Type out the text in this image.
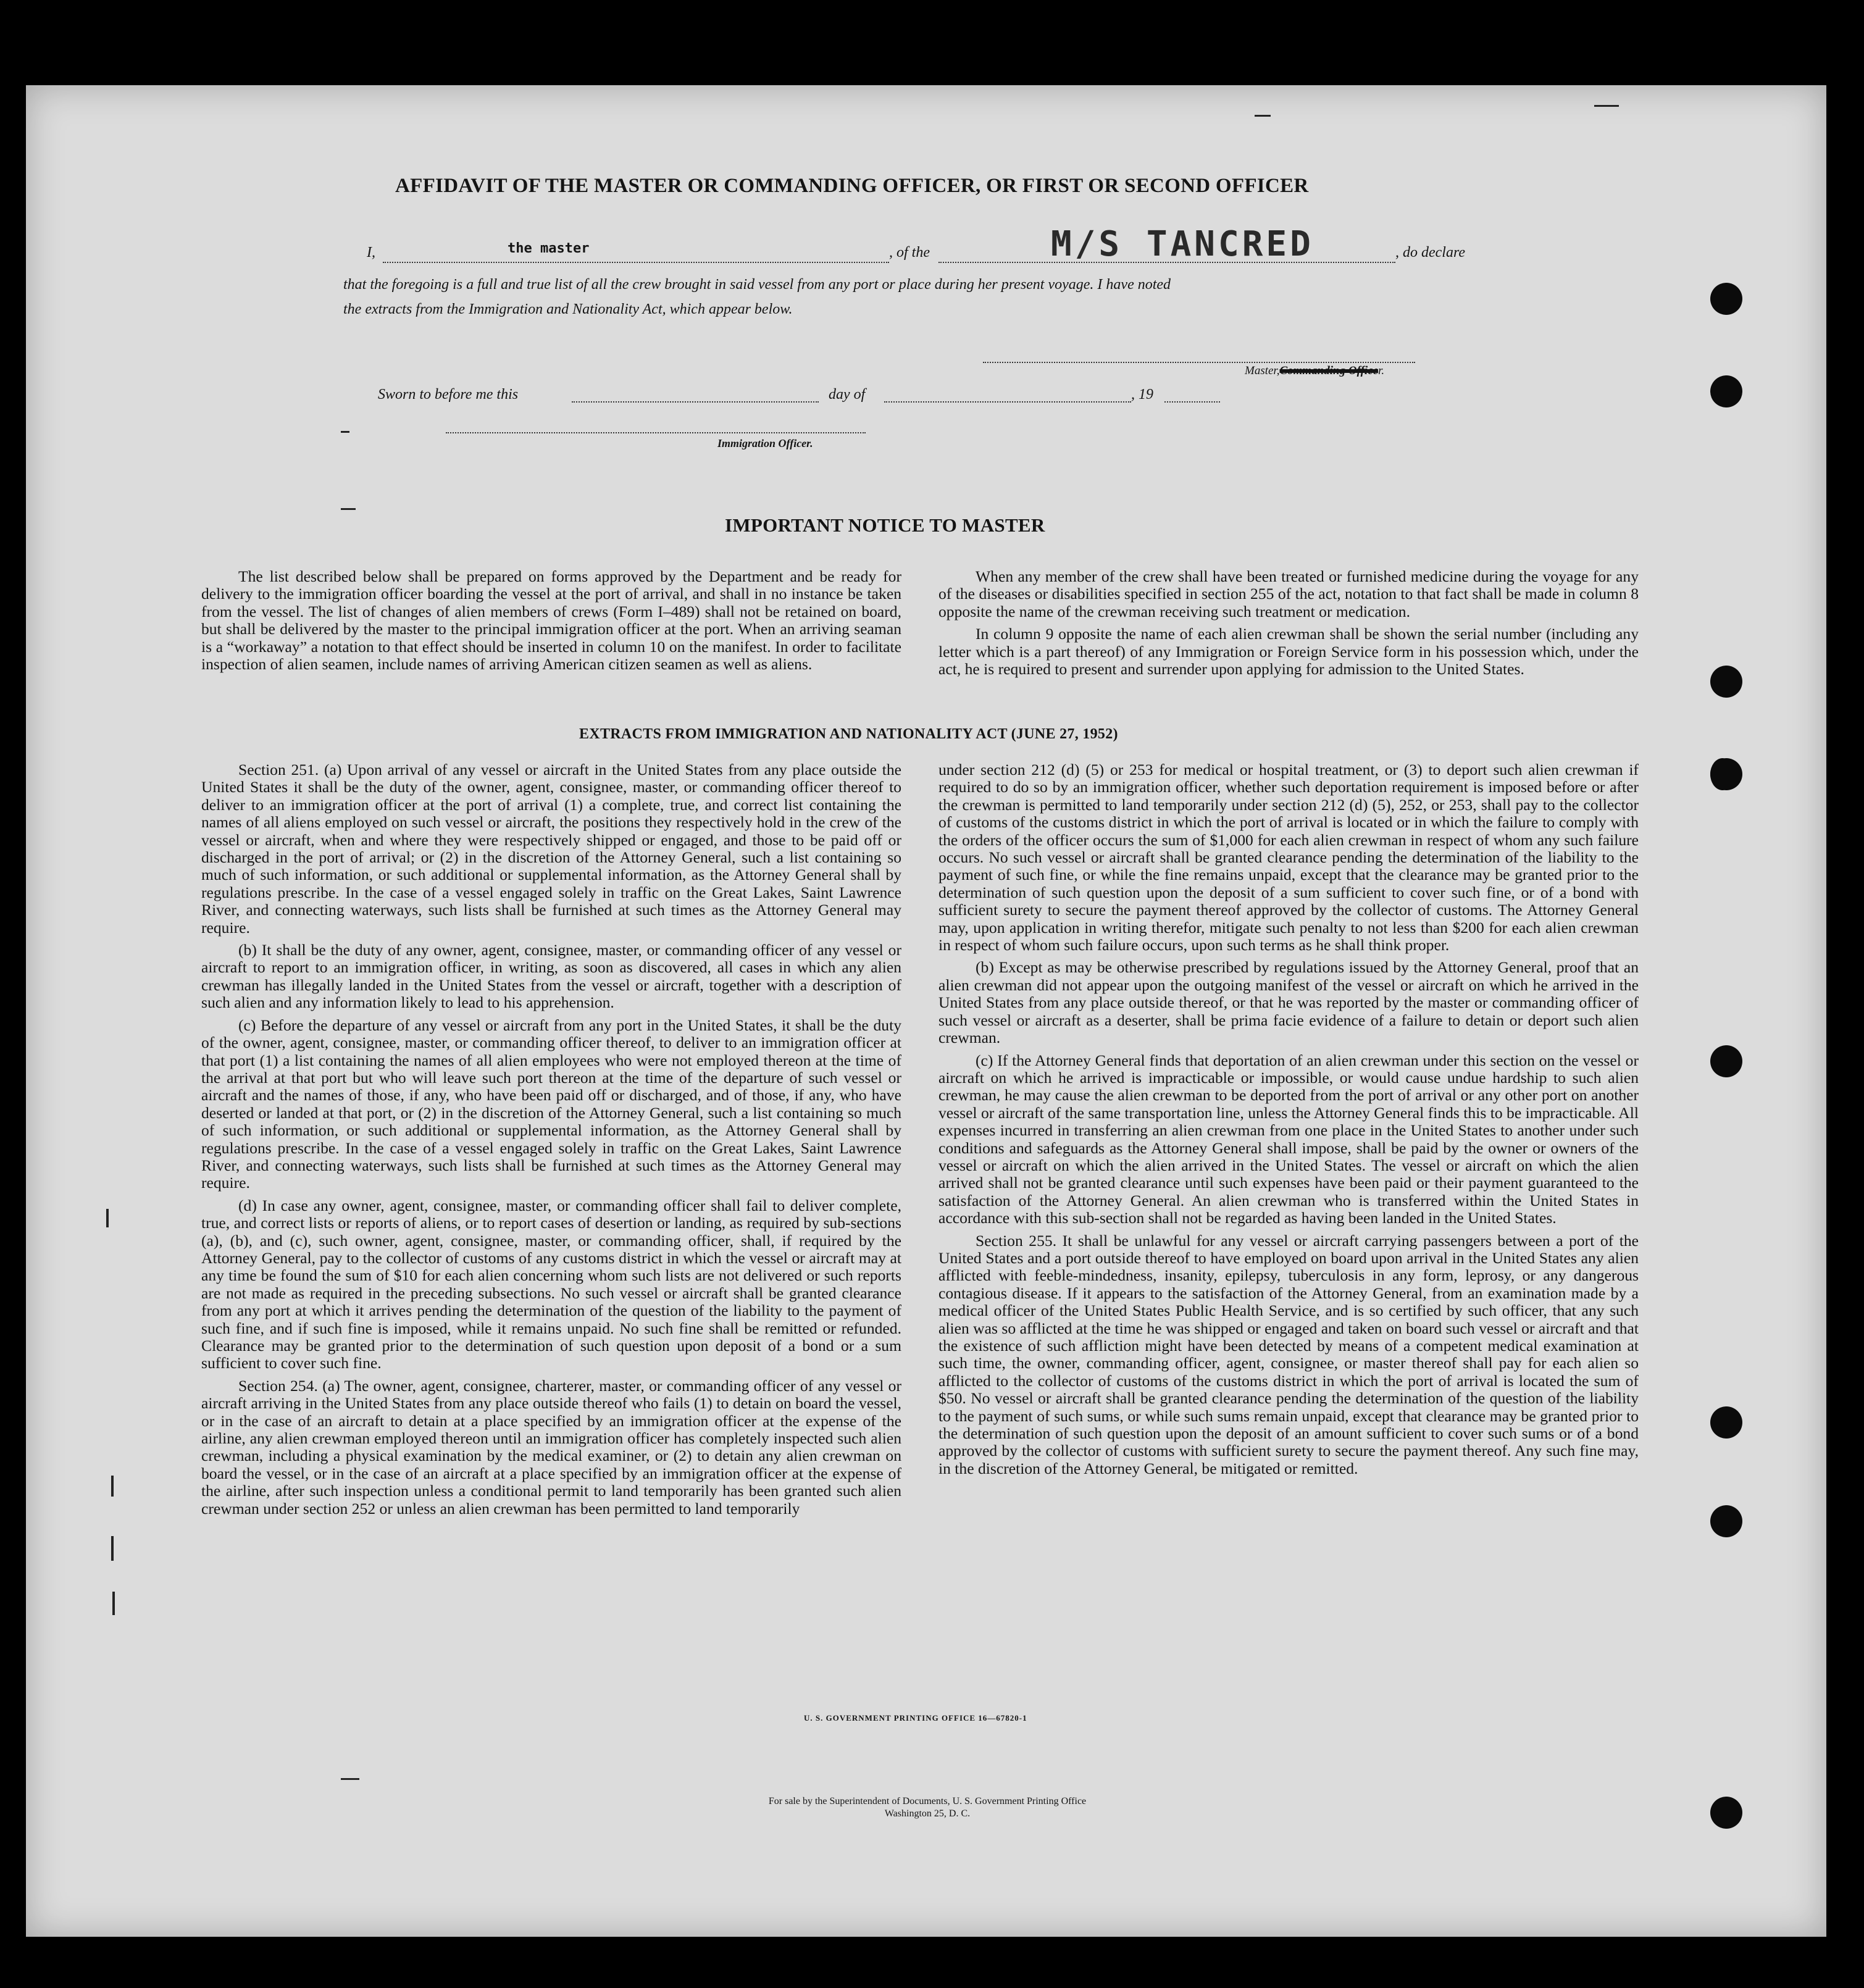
AFFIDAVIT OF THE MASTER OR COMMANDING OFFICER, OR FIRST OR SECOND OFFICER
I,	the master	, of the	M/S TANCRED	, do declare
that the foregoing is a full and true list of all the crew brought in said vessel from any port or place during her present voyage. I have noted
the extracts from the Immigration and Nationality Act, which appear below.
Master,Commanding Officer.
Sworn to before me this	day of	, 19
Immigration Officer.
IMPORTANT NOTICE TO MASTER

The list described below shall be prepared on forms approved by the Department and be ready for delivery to the immigration officer boarding the vessel at the port of arrival, and shall in no instance be taken from the vessel. The list of changes of alien members of crews (Form I–489) shall not be retained on board, but shall be delivered by the master to the principal immigration officer at the port. When an arriving seaman is a “workaway” a notation to that effect should be inserted in column 10 on the manifest. In order to facilitate inspection of alien seamen, include names of arriving American citizen seamen as well as aliens.

When any member of the crew shall have been treated or furnished medicine during the voyage for any of the diseases or disabilities specified in section 255 of the act, notation to that fact shall be made in column 8 opposite the name of the crewman receiving such treatment or medication.

In column 9 opposite the name of each alien crewman shall be shown the serial number (including any letter which is a part thereof) of any Immigration or Foreign Service form in his possession which, under the act, he is required to present and surrender upon applying for admission to the United States.

EXTRACTS FROM IMMIGRATION AND NATIONALITY ACT (JUNE 27, 1952)

Section 251. (a) Upon arrival of any vessel or aircraft in the United States from any place outside the United States it shall be the duty of the owner, agent, consignee, master, or commanding officer thereof to deliver to an immigration officer at the port of arrival (1) a complete, true, and correct list containing the names of all aliens employed on such vessel or aircraft, the positions they respectively hold in the crew of the vessel or aircraft, when and where they were respectively shipped or engaged, and those to be paid off or discharged in the port of arrival; or (2) in the discretion of the Attorney General, such a list containing so much of such information, or such additional or supplemental information, as the Attorney General shall by regulations prescribe. In the case of a vessel engaged solely in traffic on the Great Lakes, Saint Lawrence River, and connecting waterways, such lists shall be furnished at such times as the Attorney General may require.

(b) It shall be the duty of any owner, agent, consignee, master, or commanding officer of any vessel or aircraft to report to an immigration officer, in writing, as soon as discovered, all cases in which any alien crewman has illegally landed in the United States from the vessel or aircraft, together with a description of such alien and any information likely to lead to his apprehension.

(c) Before the departure of any vessel or aircraft from any port in the United States, it shall be the duty of the owner, agent, consignee, master, or commanding officer thereof, to deliver to an immigration officer at that port (1) a list containing the names of all alien employees who were not employed thereon at the time of the arrival at that port but who will leave such port thereon at the time of the departure of such vessel or aircraft and the names of those, if any, who have been paid off or discharged, and of those, if any, who have deserted or landed at that port, or (2) in the discretion of the Attorney General, such a list containing so much of such information, or such additional or supplemental information, as the Attorney General shall by regulations prescribe. In the case of a vessel engaged solely in traffic on the Great Lakes, Saint Lawrence River, and connecting waterways, such lists shall be furnished at such times as the Attorney General may require.

(d) In case any owner, agent, consignee, master, or commanding officer shall fail to deliver complete, true, and correct lists or reports of aliens, or to report cases of desertion or landing, as required by sub-sections (a), (b), and (c), such owner, agent, consignee, master, or commanding officer, shall, if required by the Attorney General, pay to the collector of customs of any customs district in which the vessel or aircraft may at any time be found the sum of $10 for each alien concerning whom such lists are not delivered or such reports are not made as required in the preceding subsections. No such vessel or aircraft shall be granted clearance from any port at which it arrives pending the determination of the question of the liability to the payment of such fine, and if such fine is imposed, while it remains unpaid. No such fine shall be remitted or refunded. Clearance may be granted prior to the determination of such question upon deposit of a bond or a sum sufficient to cover such fine.

Section 254. (a) The owner, agent, consignee, charterer, master, or commanding officer of any vessel or aircraft arriving in the United States from any place outside thereof who fails (1) to detain on board the vessel, or in the case of an aircraft to detain at a place specified by an immigration officer at the expense of the airline, any alien crewman employed thereon until an immigration officer has completely inspected such alien crewman, including a physical examination by the medical examiner, or (2) to detain any alien crewman on board the vessel, or in the case of an aircraft at a place specified by an immigration officer at the expense of the airline, after such inspection unless a conditional permit to land temporarily has been granted such alien crewman under section 252 or unless an alien crewman has been permitted to land temporarily

under section 212 (d) (5) or 253 for medical or hospital treatment, or (3) to deport such alien crewman if required to do so by an immigration officer, whether such deportation requirement is imposed before or after the crewman is permitted to land temporarily under section 212 (d) (5), 252, or 253, shall pay to the collector of customs of the customs district in which the port of arrival is located or in which the failure to comply with the orders of the officer occurs the sum of $1,000 for each alien crewman in respect of whom any such failure occurs. No such vessel or aircraft shall be granted clearance pending the determination of the liability to the payment of such fine, or while the fine remains unpaid, except that the clearance may be granted prior to the determination of such question upon the deposit of a sum sufficient to cover such fine, or of a bond with sufficient surety to secure the payment thereof approved by the collector of customs. The Attorney General may, upon application in writing therefor, mitigate such penalty to not less than $200 for each alien crewman in respect of whom such failure occurs, upon such terms as he shall think proper.

(b) Except as may be otherwise prescribed by regulations issued by the Attorney General, proof that an alien crewman did not appear upon the outgoing manifest of the vessel or aircraft on which he arrived in the United States from any place outside thereof, or that he was reported by the master or commanding officer of such vessel or aircraft as a deserter, shall be prima facie evidence of a failure to detain or deport such alien crewman.

(c) If the Attorney General finds that deportation of an alien crewman under this section on the vessel or aircraft on which he arrived is impracticable or impossible, or would cause undue hardship to such alien crewman, he may cause the alien crewman to be deported from the port of arrival or any other port on another vessel or aircraft of the same transportation line, unless the Attorney General finds this to be impracticable. All expenses incurred in transferring an alien crewman from one place in the United States to another under such conditions and safeguards as the Attorney General shall impose, shall be paid by the owner or owners of the vessel or aircraft on which the alien arrived in the United States. The vessel or aircraft on which the alien arrived shall not be granted clearance until such expenses have been paid or their payment guaranteed to the satisfaction of the Attorney General. An alien crewman who is transferred within the United States in accordance with this sub-section shall not be regarded as having been landed in the United States.

Section 255. It shall be unlawful for any vessel or aircraft carrying passengers between a port of the United States and a port outside thereof to have employed on board upon arrival in the United States any alien afflicted with feeble-mindedness, insanity, epilepsy, tuberculosis in any form, leprosy, or any dangerous contagious disease. If it appears to the satisfaction of the Attorney General, from an examination made by a medical officer of the United States Public Health Service, and is so certified by such officer, that any such alien was so afflicted at the time he was shipped or engaged and taken on board such vessel or aircraft and that the existence of such affliction might have been detected by means of a competent medical examination at such time, the owner, commanding officer, agent, consignee, or master thereof shall pay for each alien so afflicted to the collector of customs of the customs district in which the port of arrival is located the sum of $50. No vessel or aircraft shall be granted clearance pending the determination of the question of the liability to the payment of such sums, or while such sums remain unpaid, except that clearance may be granted prior to the determination of such question upon the deposit of an amount sufficient to cover such sums or of a bond approved by the collector of customs with sufficient surety to secure the payment thereof. Any such fine may, in the discretion of the Attorney General, be mitigated or remitted.

U. S. GOVERNMENT PRINTING OFFICE 16—67820-1
For sale by the Superintendent of Documents, U. S. Government Printing Office
Washington 25, D. C.
